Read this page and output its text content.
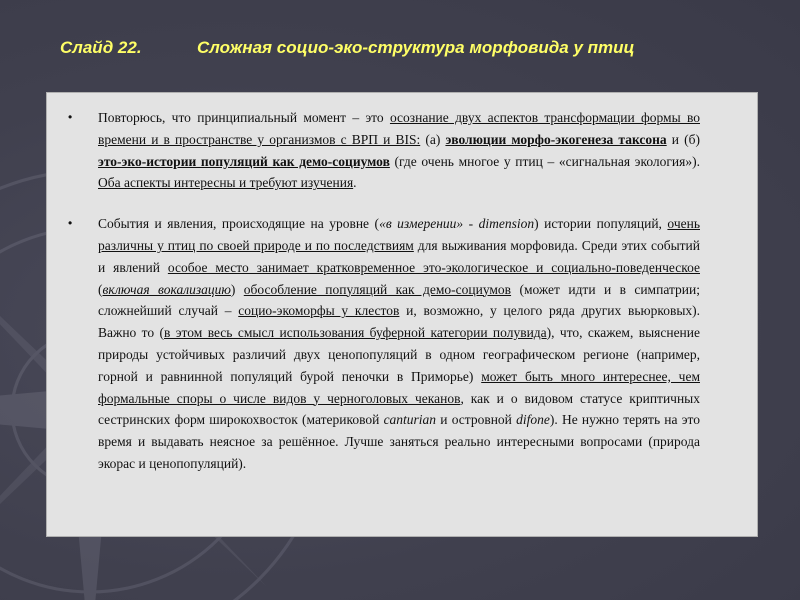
Слайд 22.	Сложная социо-эко-структура морфовида у птиц
• Повторюсь, что принципиальный момент – это осознание двух аспектов трансформации формы во времени и в пространстве у организмов с ВРП и BIS: (а) эволюции морфо-экогенеза таксона и (б) это-эко-истории популяций как демо-социумов (где очень многое у птиц – «сигнальная экология»). Оба аспекты интересны и требуют изучения.
• События и явления, происходящие на уровне («в измерении» - dimension) истории популяций, очень различны у птиц по своей природе и по последствиям для выживания морфовида. Среди этих событий и явлений особое место занимает кратковременное это-экологическое и социально-поведенческое (включая вокализацию) обособление популяций как демо-социумов (может идти и в симпатрии; сложнейший случай – социо-экоморфы у клестов и, возможно, у целого ряда других вьюрковых). Важно то (в этом весь смысл использования буферной категории полувида), что, скажем, выяснение природы устойчивых различий двух ценопопуляций в одном географическом регионе (например, горной и равнинной популяций бурой пеночки в Приморье) может быть много интереснее, чем формальные споры о числе видов у черноголовых чеканов, как и о видовом статусе криптичных сестринских форм широкохвосток (материковой canturian и островной difone). Не нужно терять на это время и выдавать неясное за решённое. Лучше заняться реально интересными вопросами (природа экорас и ценопопуляций).
